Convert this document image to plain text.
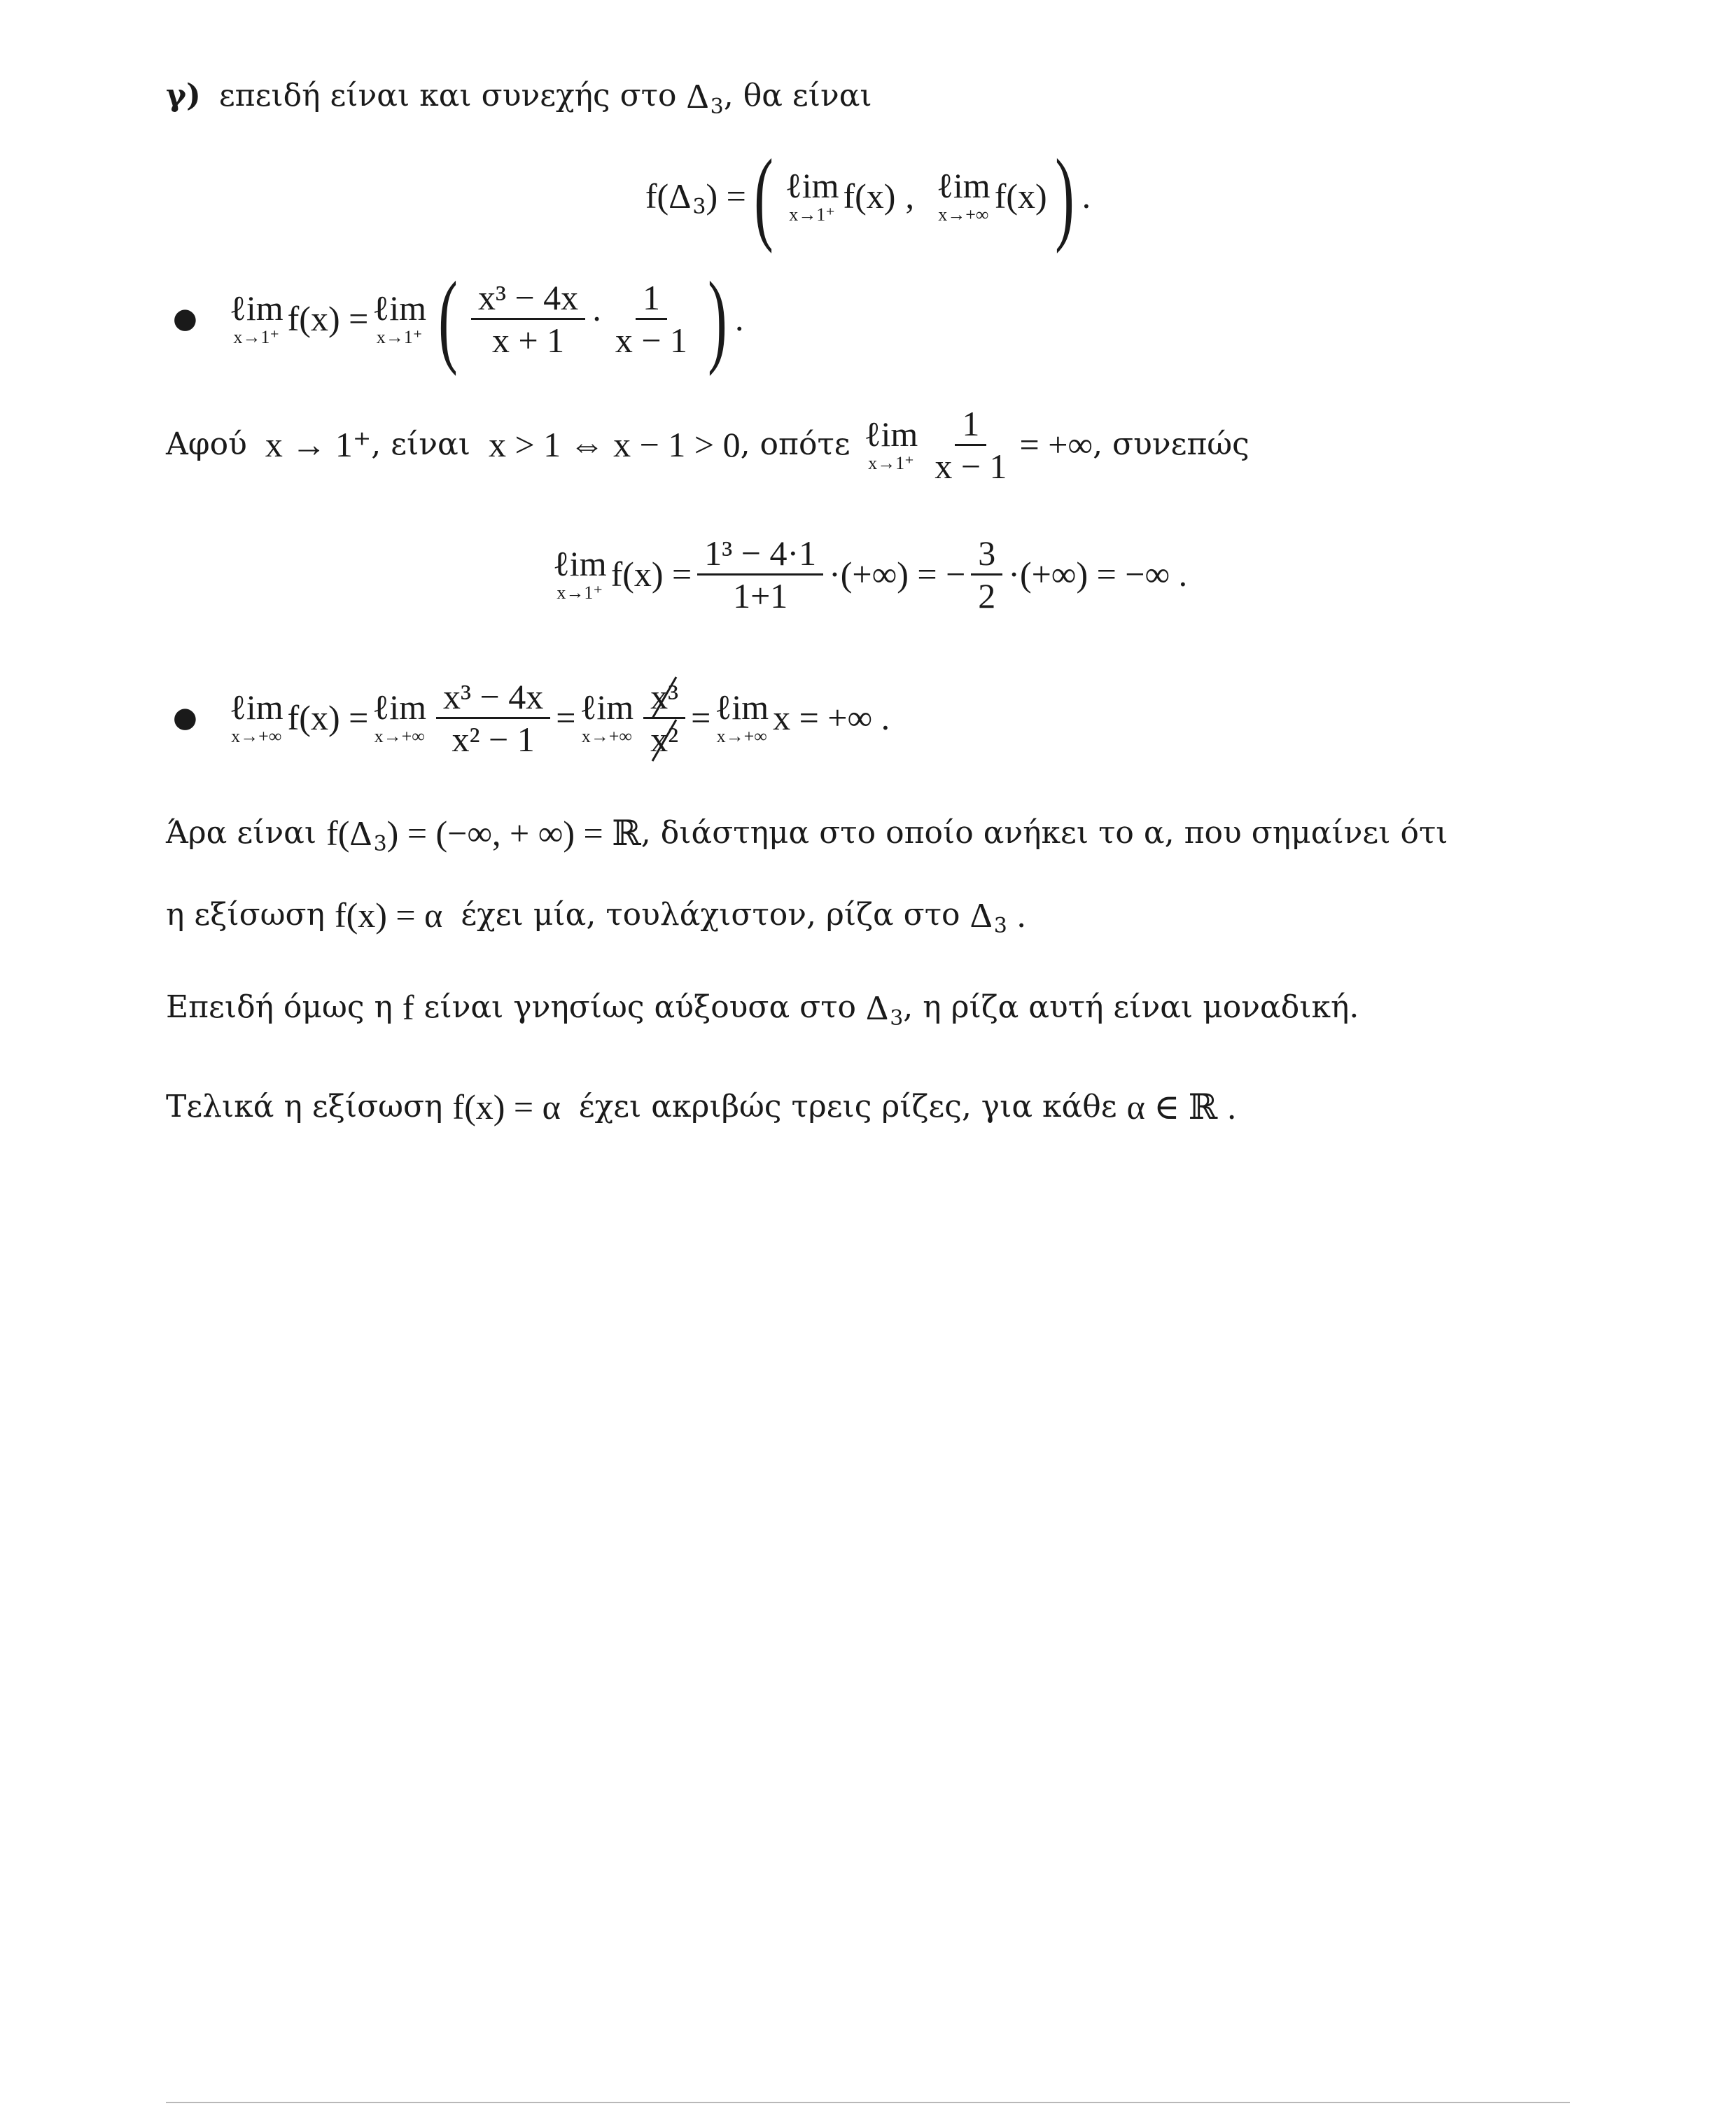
γ) επειδή είναι και συνεχής στο Δ 3 , θα είναι
f(Δ 3 ) = ( ℓim
x→1⁺ f(x) , ℓim
x→+∞ f(x) ) .
● ℓim
x→1⁺ f(x) = ℓim
x→1⁺ ( $\frac{\text{x³ − 4x}}{x + 1} \cdot \frac{1}{x - 1}$ ) .
Αφού x → 1⁺ , είναι x > 1 ⇔ x − 1 > 0 , οπότε ℓim
$x\to 1^+ \frac{1}{x - 1}$ = +∞ , συνεπώς
ℓim
x→1⁺ $f(x) = \frac{\text{1³ − 4·1}}{1+1}$ ·(+∞) = − $\frac{3}{2}$ ·(+∞) = −∞ .
● ℓim
x→+∞ f(x) = ℓim
$x\to+\infty \frac{\text{x³ − 4x}}{\text{x² − 1}}$ = ℓim
$x\to+\infty \frac{\text{x³}}{\text{x²}}$ = ℓim
x→+∞ x = +∞ .
Άρα είναι f(Δ 3 ) = (−∞, + ∞) = ℝ , διάστημα στο οποίο ανήκει το α, που σημαίνει ότι
η εξίσωση f(x) = α έχει μία, τουλάχιστον, ρίζα στο Δ 3 .
Επειδή όμως η f είναι γνησίως αύξουσα στο Δ 3 , η ρίζα αυτή είναι μοναδική.
Τελικά η εξίσωση f(x) = α έχει ακριβώς τρεις ρίζες, για κάθε α ∈ ℝ .
